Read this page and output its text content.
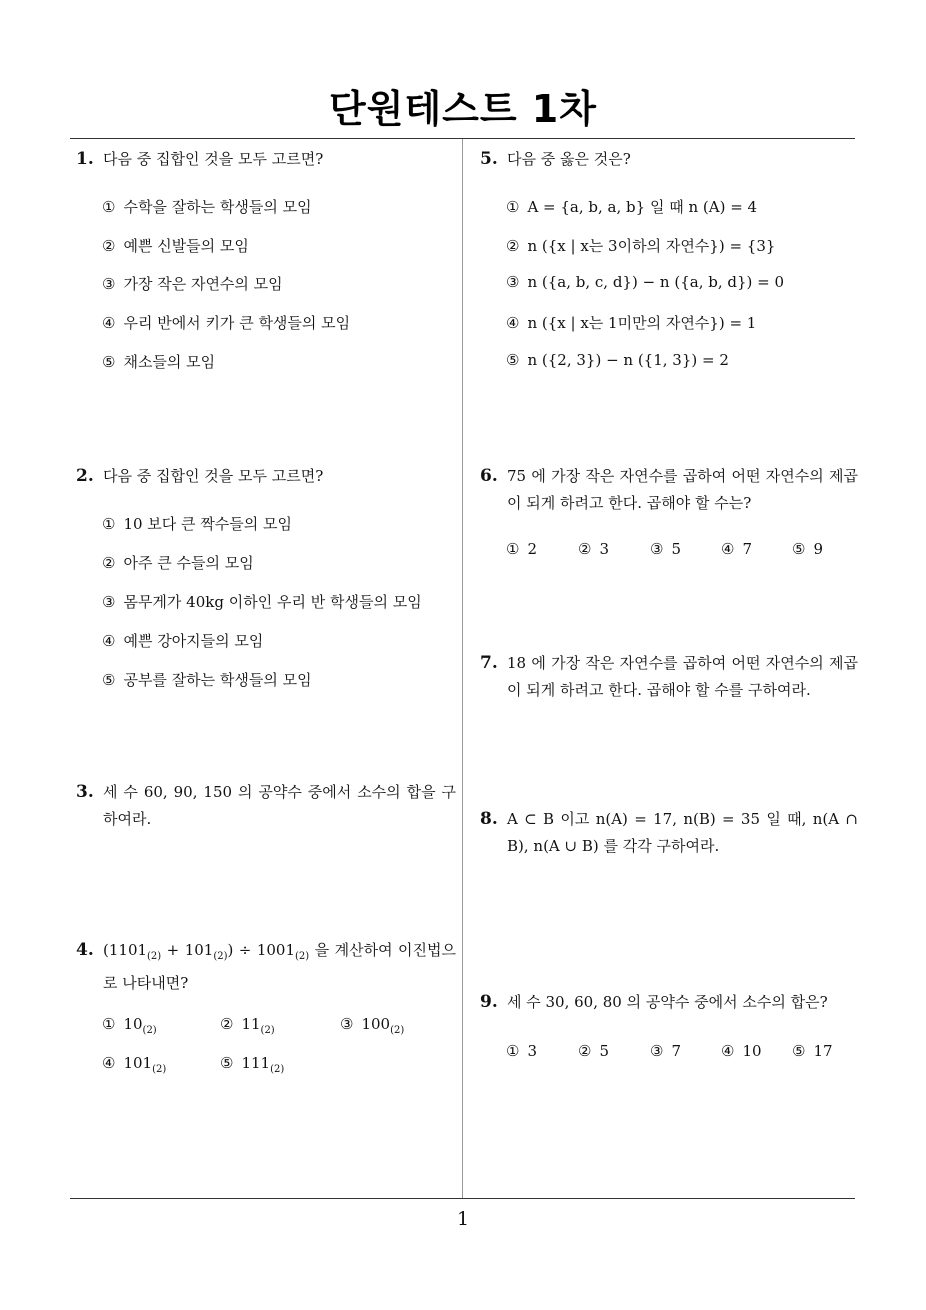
단원테스트 1차
1. 다음 중 집합인 것을 모두 고르면?
① 수학을 잘하는 학생들의 모임
② 예쁜 신발들의 모임
③ 가장 작은 자연수의 모임
④ 우리 반에서 키가 큰 학생들의 모임
⑤ 채소들의 모임
2. 다음 중 집합인 것을 모두 고르면?
① 10 보다 큰 짝수들의 모임
② 아주 큰 수들의 모임
③ 몸무게가 40kg 이하인 우리 반 학생들의 모임
④ 예쁜 강아지들의 모임
⑤ 공부를 잘하는 학생들의 모임
3. 세 수 60, 90, 150 의 공약수 중에서 소수의 합을 구하여라.
4. $(1101_{(2)} + 101_{(2)}) \div 1001_{(2)}$ 을 계산하여 이진법으로 나타내면?
① $10_{(2)}$	② $11_{(2)}$	③ $100_{(2)}$
④ $101_{(2)}$	⑤ $111_{(2)}$
5. 다음 중 옳은 것은?
① A = {a, b, a, b} 일 때 n (A) = 4
② n ({x | x는 3이하의 자연수}) = {3}
③ n ({a, b, c, d}) − n ({a, b, d}) = 0
④ n ({x | x는 1미만의 자연수}) = 1
⑤ n ({2, 3}) − n ({1, 3}) = 2
6. 75 에 가장 작은 자연수를 곱하여 어떤 자연수의 제곱이 되게 하려고 한다. 곱해야 할 수는?
① 2	② 3	③ 5	④ 7	⑤ 9
7. 18 에 가장 작은 자연수를 곱하여 어떤 자연수의 제곱이 되게 하려고 한다. 곱해야 할 수를 구하여라.
8. A ⊂ B 이고 n(A) = 17, n(B) = 35 일 때, n(A ∩ B), n(A ∪ B) 를 각각 구하여라.
9. 세 수 30, 60, 80 의 공약수 중에서 소수의 합은?
① 3	② 5	③ 7	④ 10 ⑤ 17
1
